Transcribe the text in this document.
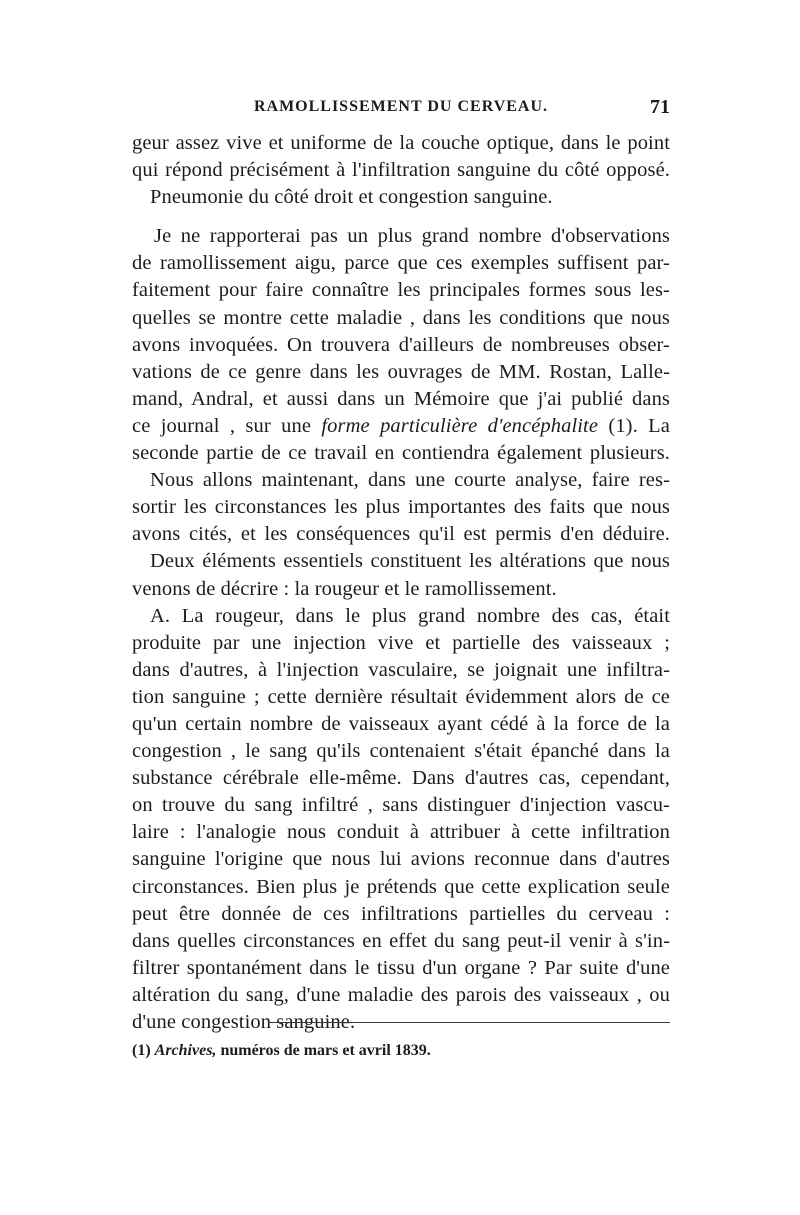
RAMOLLISSEMENT DU CERVEAU.	71
geur assez vive et uniforme de la couche optique, dans le point
qui répond précisément à l'infiltration sanguine du côté opposé.
Pneumonie du côté droit et congestion sanguine.
Je ne rapporterai pas un plus grand nombre d'observations
de ramollissement aigu, parce que ces exemples suffisent par-
faitement pour faire connaître les principales formes sous les-
quelles se montre cette maladie , dans les conditions que nous
avons invoquées. On trouvera d'ailleurs de nombreuses obser-
vations de ce genre dans les ouvrages de MM. Rostan, Lalle-
mand, Andral, et aussi dans un Mémoire que j'ai publié dans
ce journal , sur une forme particulière d'encéphalite (1). La
seconde partie de ce travail en contiendra également plusieurs.
Nous allons maintenant, dans une courte analyse, faire res-
sortir les circonstances les plus importantes des faits que nous
avons cités, et les conséquences qu'il est permis d'en déduire.
Deux éléments essentiels constituent les altérations que nous
venons de décrire : la rougeur et le ramollissement.
A. La rougeur, dans le plus grand nombre des cas, était
produite par une injection vive et partielle des vaisseaux ;
dans d'autres, à l'injection vasculaire, se joignait une infiltra-
tion sanguine ; cette dernière résultait évidemment alors de ce
qu'un certain nombre de vaisseaux ayant cédé à la force de la
congestion , le sang qu'ils contenaient s'était épanché dans la
substance cérébrale elle-même. Dans d'autres cas, cependant,
on trouve du sang infiltré , sans distinguer d'injection vascu-
laire : l'analogie nous conduit à attribuer à cette infiltration
sanguine l'origine que nous lui avions reconnue dans d'autres
circonstances. Bien plus je prétends que cette explication seule
peut être donnée de ces infiltrations partielles du cerveau :
dans quelles circonstances en effet du sang peut-il venir à s'in-
filtrer spontanément dans le tissu d'un organe ? Par suite d'une
altération du sang, d'une maladie des parois des vaisseaux , ou
d'une congestion sanguine.
(1) Archives, numéros de mars et avril 1839.
